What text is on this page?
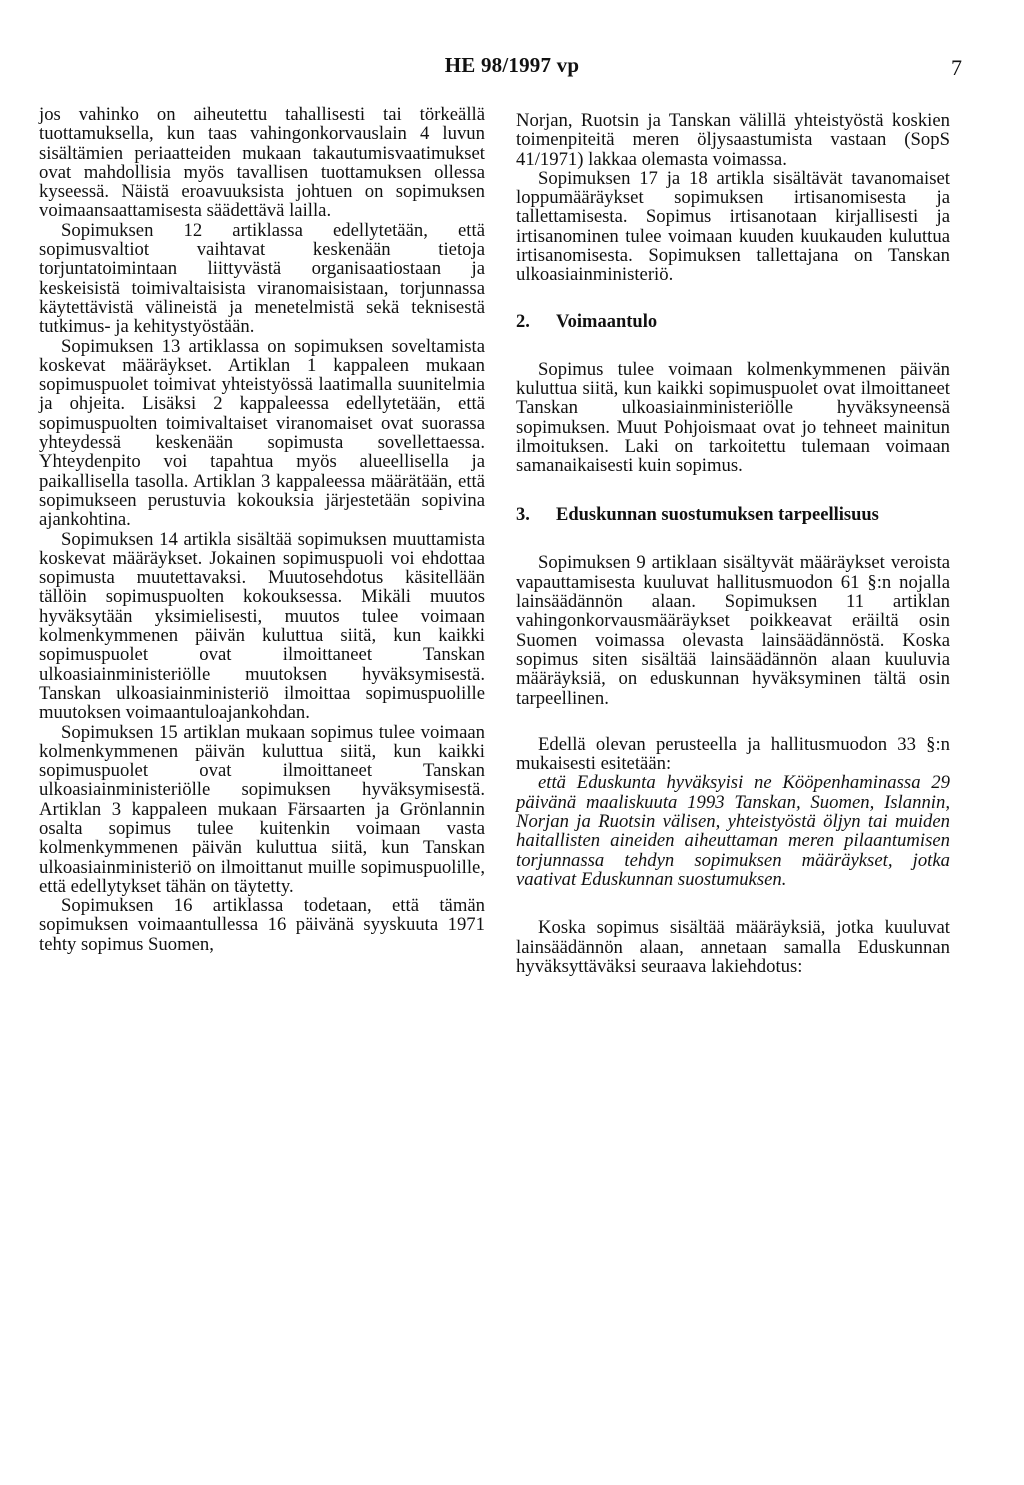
HE 98/1997 vp	7

jos vahinko on aiheutettu tahallisesti tai törkeällä tuottamuksella, kun taas vahingonkorvauslain 4 luvun sisältämien periaatteiden mukaan takautumisvaatimukset ovat mahdollisia myös tavallisen tuottamuksen ollessa kyseessä. Näistä eroavuuksista johtuen on sopimuksen voimaansaattamisesta säädettävä lailla.

Sopimuksen 12 artiklassa edellytetään, että sopimusvaltiot vaihtavat keskenään tietoja torjuntatoimintaan liittyvästä organisaatiostaan ja keskeisistä toimivaltaisista viranomaisistaan, torjunnassa käytettävistä välineistä ja menetelmistä sekä teknisestä tutkimus- ja kehitystyöstään.

Sopimuksen 13 artiklassa on sopimuksen soveltamista koskevat määräykset. Artiklan 1 kappaleen mukaan sopimuspuolet toimivat yhteistyössä laatimalla suunitelmia ja ohjeita. Lisäksi 2 kappaleessa edellytetään, että sopimuspuolten toimivaltaiset viranomaiset ovat suorassa yhteydessä keskenään sopimusta sovellettaessa. Yhteydenpito voi tapahtua myös alueellisella ja paikallisella tasolla. Artiklan 3 kappaleessa määrätään, että sopimukseen perustuvia kokouksia järjestetään sopivina ajankohtina.

Sopimuksen 14 artikla sisältää sopimuksen muuttamista koskevat määräykset. Jokainen sopimuspuoli voi ehdottaa sopimusta muutettavaksi. Muutosehdotus käsitellään tällöin sopimuspuolten kokouksessa. Mikäli muutos hyväksytään yksimielisesti, muutos tulee voimaan kolmenkymmenen päivän kuluttua siitä, kun kaikki sopimuspuolet ovat ilmoittaneet Tanskan ulkoasiainministeriölle muutoksen hyväksymisestä. Tanskan ulkoasiainministeriö ilmoittaa sopimuspuolille muutoksen voimaantuloajankohdan.

Sopimuksen 15 artiklan mukaan sopimus tulee voimaan kolmenkymmenen päivän kuluttua siitä, kun kaikki sopimuspuolet ovat ilmoittaneet Tanskan ulkoasiainministeriölle sopimuksen hyväksymisestä. Artiklan 3 kappaleen mukaan Färsaarten ja Grönlannin osalta sopimus tulee kuitenkin voimaan vasta kolmenkymmenen päivän kuluttua siitä, kun Tanskan ulkoasiainministeriö on ilmoittanut muille sopimuspuolille, että edellytykset tähän on täytetty.

Sopimuksen 16 artiklassa todetaan, että tämän sopimuksen voimaantullessa 16 päivänä syyskuuta 1971 tehty sopimus Suomen,

Norjan, Ruotsin ja Tanskan välillä yhteistyöstä koskien toimenpiteitä meren öljysaastumista vastaan (SopS 41/1971) lakkaa olemasta voimassa.

Sopimuksen 17 ja 18 artikla sisältävät tavanomaiset loppumääräykset sopimuksen irtisanomisesta ja tallettamisesta. Sopimus irtisanotaan kirjallisesti ja irtisanominen tulee voimaan kuuden kuukauden kuluttua irtisanomisesta. Sopimuksen tallettajana on Tanskan ulkoasiainministeriö.

2.	Voimaantulo

Sopimus tulee voimaan kolmenkymmenen päivän kuluttua siitä, kun kaikki sopimuspuolet ovat ilmoittaneet Tanskan ulkoasiainministeriölle hyväksyneensä sopimuksen. Muut Pohjoismaat ovat jo tehneet mainitun ilmoituksen. Laki on tarkoitettu tulemaan voimaan samanaikaisesti kuin sopimus.

3.	Eduskunnan suostumuksen tarpeellisuus

Sopimuksen 9 artiklaan sisältyvät määräykset veroista vapauttamisesta kuuluvat hallitusmuodon 61 §:n nojalla lainsäädännön alaan. Sopimuksen 11 artiklan vahingonkorvausmääräykset poikkeavat eräiltä osin Suomen voimassa olevasta lainsäädännöstä. Koska sopimus siten sisältää lainsäädännön alaan kuuluvia määräyksiä, on eduskunnan hyväksyminen tältä osin tarpeellinen.

Edellä olevan perusteella ja hallitusmuodon 33 §:n mukaisesti esitetään:

että Eduskunta hyväksyisi ne Kööpenhaminassa 29 päivänä maaliskuuta 1993 Tanskan, Suomen, Islannin, Norjan ja Ruotsin välisen, yhteistyöstä öljyn tai muiden haitallisten aineiden aiheuttaman meren pilaantumisen torjunnassa tehdyn sopimuksen määräykset, jotka vaativat Eduskunnan suostumuksen.

Koska sopimus sisältää määräyksiä, jotka kuuluvat lainsäädännön alaan, annetaan samalla Eduskunnan hyväksyttäväksi seuraava lakiehdotus:
